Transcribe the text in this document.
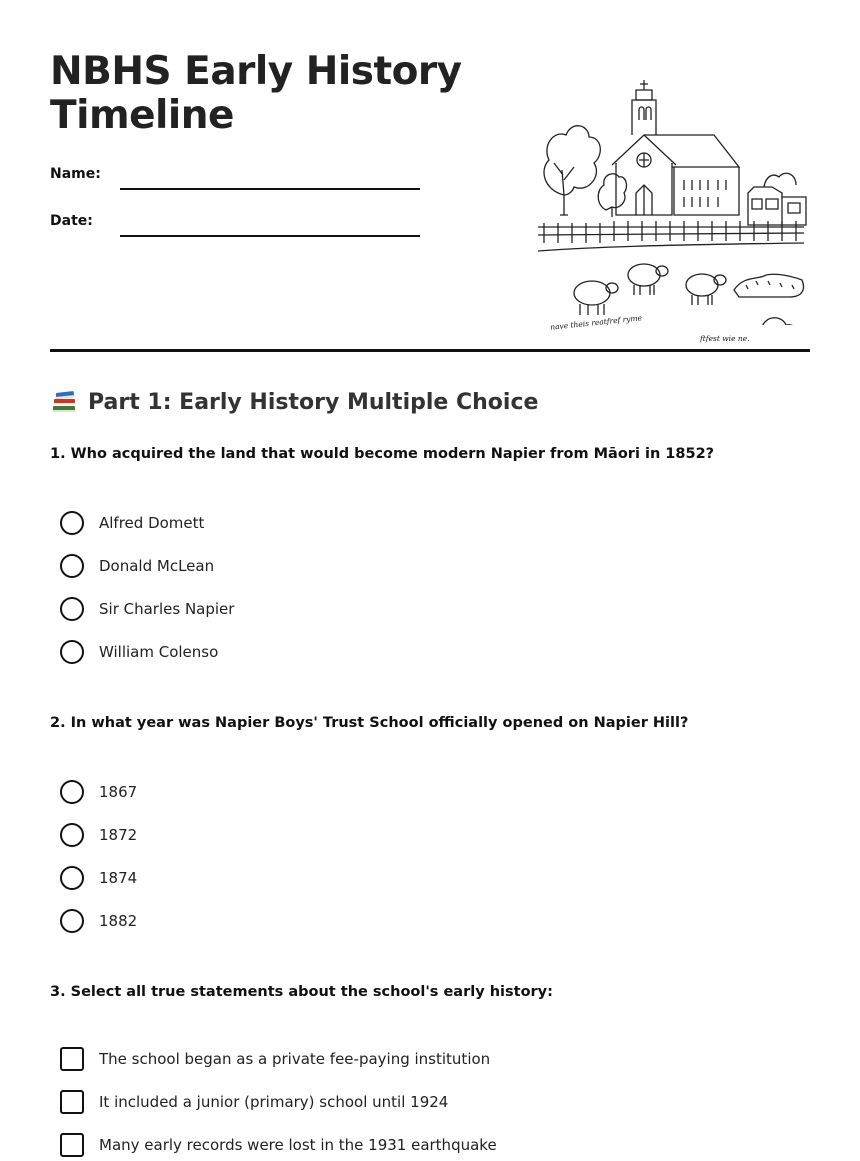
NBHS Early History
Timeline
Name:
Date:
nave theis reatfref ryme
ftfest wie ne.
Part 1: Early History Multiple Choice

1. Who acquired the land that would become modern Napier from Māori in 1852?

Alfred Domett
Donald McLean
Sir Charles Napier
William Colenso

2. In what year was Napier Boys' Trust School officially opened on Napier Hill?

1867
1872
1874
1882

3. Select all true statements about the school's early history:

The school began as a private fee-paying institution
It included a junior (primary) school until 1924
Many early records were lost in the 1931 earthquake
